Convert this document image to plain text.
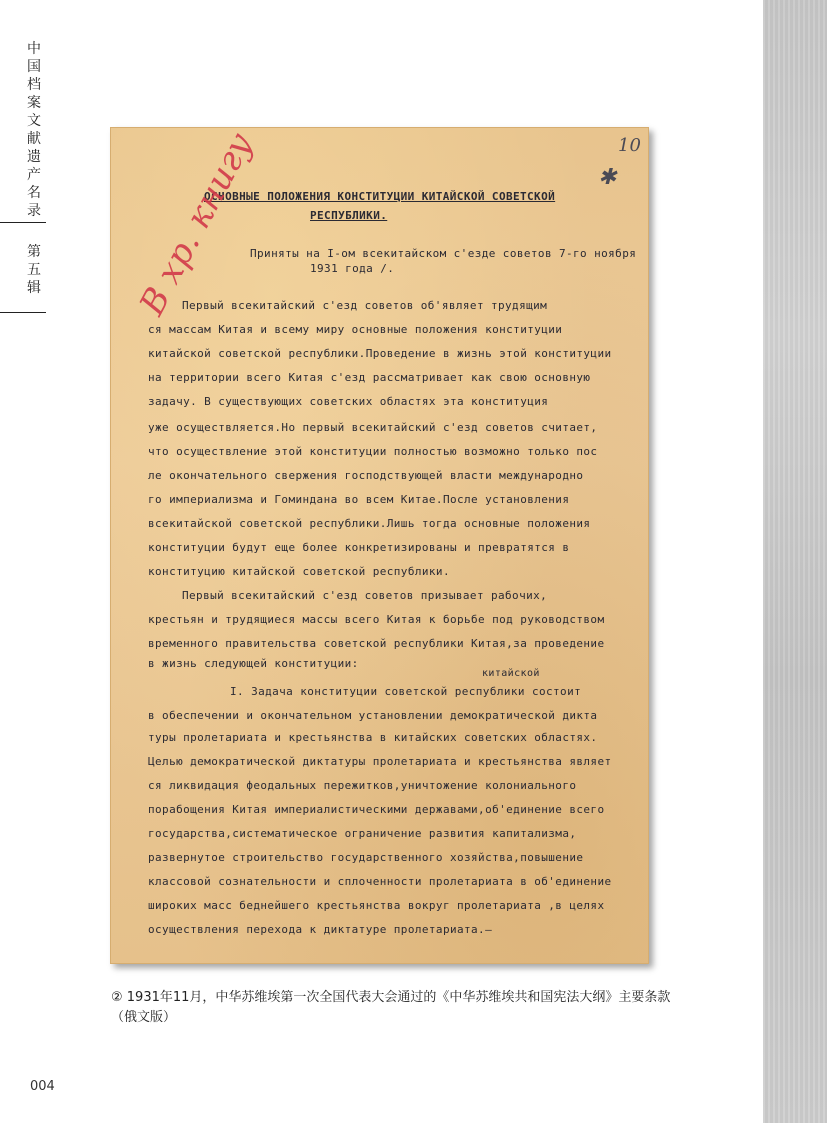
中
国
档
案
文
献
遗
产
名
录
第
五
辑
10
✱
ОСНОВНЫЕ ПОЛОЖЕНИЯ КОНСТИТУЦИИ КИТАЙСКОЙ СОВЕТСКОЙ
РЕСПУБЛИКИ.
Приняты на I-ом всекитайском с'езде советов 7-го ноября
1931 года /.
Первый всекитайский с'езд советов об'являет трудящим
ся массам Китая и всему миру основные положения конституции
китайской советской республики.Проведение в жизнь этой конституции
на территории всего Китая с'езд рассматривает как свою основную
задачу. В существующих советских областях эта конституция
уже осуществляется.Но первый всекитайский с'езд советов считает,
что осуществление этой конституции полностью возможно только пос
ле окончательного свержения господствующей власти международно
го империализма и Гоминдана во всем Китае.После установления
всекитайской советской республики.Лишь тогда основные положения
конституции будут еще более конкретизированы и превратятся в
конституцию китайской советской республики.
Первый всекитайский с'езд советов призывает рабочих,
крестьян и трудящиеся массы всего Китая к борьбе под руководством
временного правительства советской республики Китая,за проведение
в жизнь следующей конституции:
I. Задача конституции советской республики состоит
в обеспечении и окончательном установлении демократической дикта
туры пролетариата и крестьянства в китайских советских областях.
Целью демократической диктатуры пролетариата и крестьянства являет
ся ликвидация феодальных пережитков,уничтожение колониального
порабощения Китая империалистическими державами,об'единение всего
государства,систематическое ограничение развития капитализма,
развернутое строительство государственного хозяйства,повышение
классовой сознательности и сплоченности пролетариата в об'единение
широких масс беднейшего крестьянства вокруг пролетариата ,в целях
осуществления перехода к диктатуре пролетариата.–
китайской
В хр. книгу
② 1931年11月，中华苏维埃第一次全国代表大会通过的《中华苏维埃共和国宪法大纲》主要条款（俄文版）
004
